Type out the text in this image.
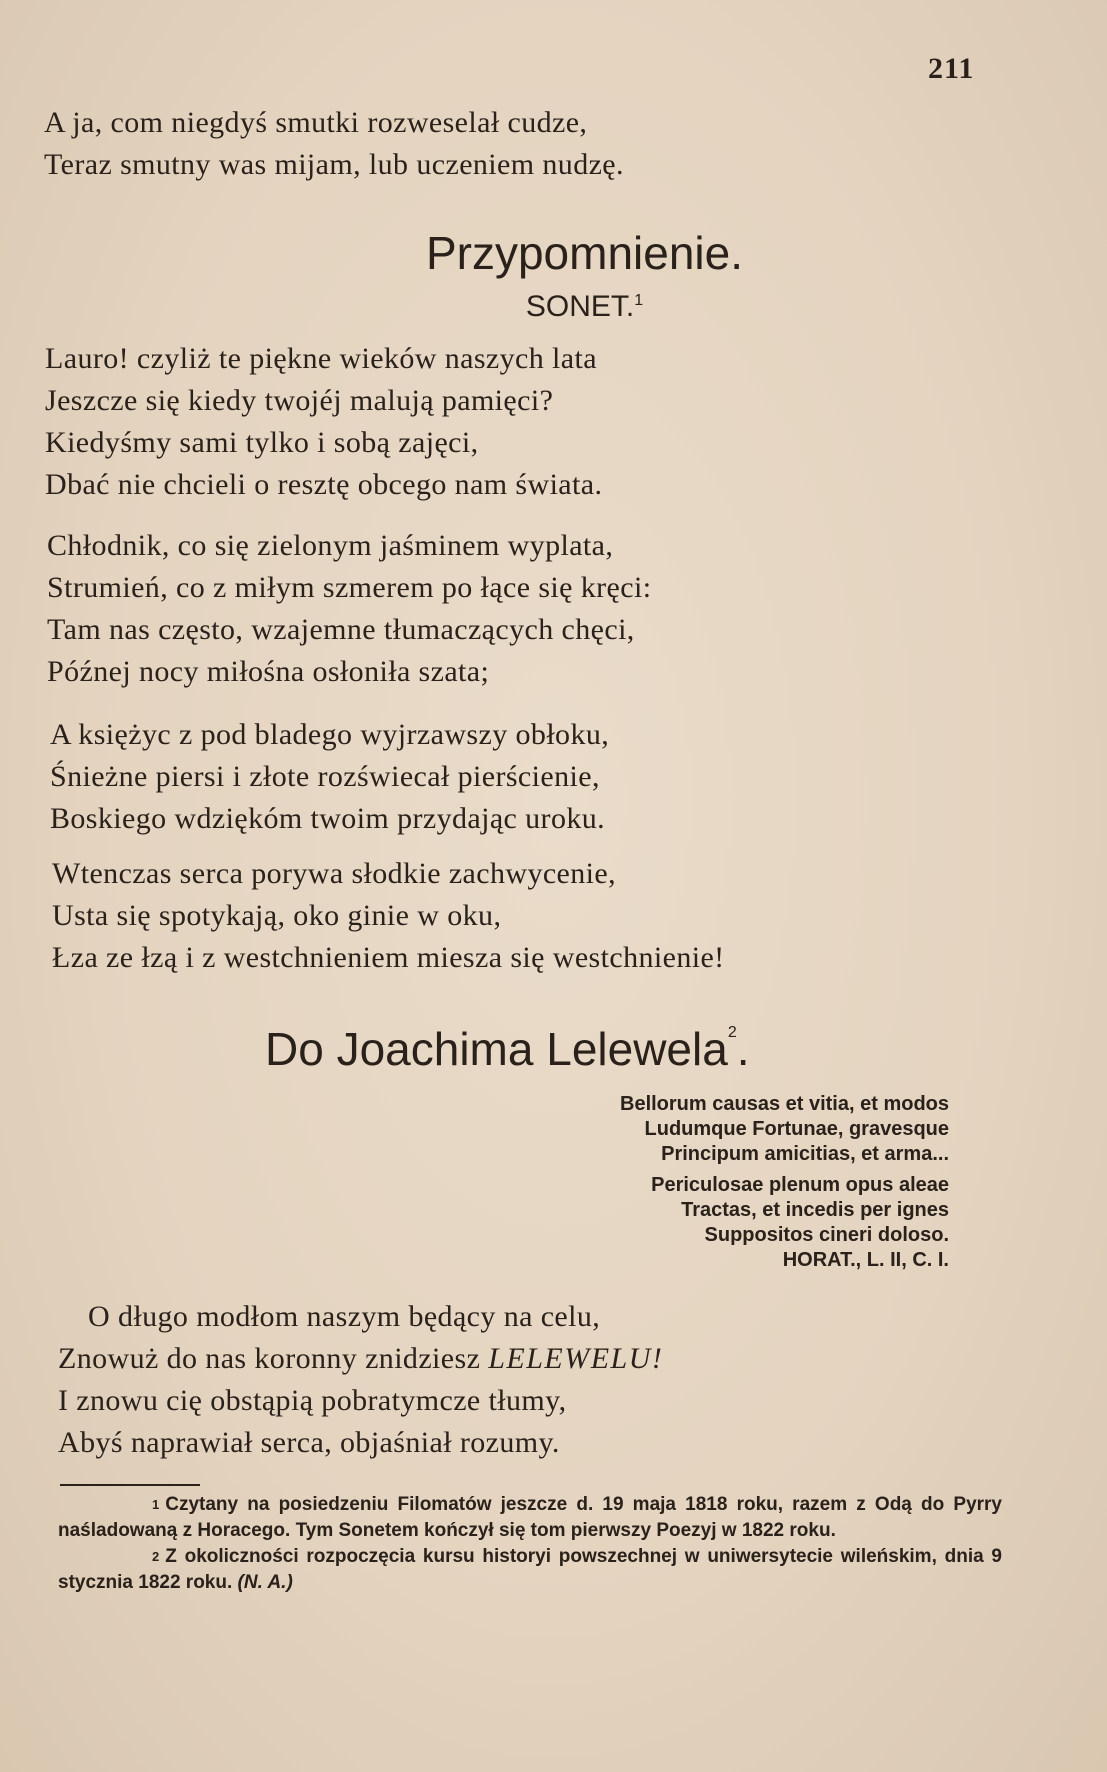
211
A ja, com niegdyś smutki rozweselał cudze,
Teraz smutny was mijam, lub uczeniem nudzę.
Przypomnienie.
SONET.$^1$
Lauro! czyliż te piękne wieków naszych lata
Jeszcze się kiedy twojéj malują pamięci?
Kiedyśmy sami tylko i sobą zajęci,
Dbać nie chcieli o resztę obcego nam świata.
Chłodnik, co się zielonym jaśminem wyplata,
Strumień, co z miłym szmerem po łące się kręci:
Tam nas często, wzajemne tłumaczących chęci,
Późnej nocy miłośna osłoniła szata;
A księżyc z pod bladego wyjrzawszy obłoku,
Śnieżne piersi i złote rozświecał pierścienie,
Boskiego wdziękóm twoim przydając uroku.
Wtenczas serca porywa słodkie zachwycenie,
Usta się spotykają, oko ginie w oku,
Łza ze łzą i z westchnieniem miesza się westchnienie!
Do Joachima Lelewela$^2$.
Bellorum causas et vitia, et modos
Ludumque Fortunae, gravesque
Principum amicitias, et arma...
Periculosae plenum opus aleae
Tractas, et incedis per ignes
Suppositos cineri doloso.
HORAT., L. II, C. I.
O długo modłom naszym będący na celu,
Znowuż do nas koronny znidziesz LELEWELU!
I znowu cię obstąpią pobratymcze tłumy,
Abyś naprawiał serca, objaśniał rozumy.

$^1$ Czytany na posiedzeniu Filomatów jeszcze d. 19 maja 1818 roku, razem z Odą do Pyrry naśladowaną z Horacego. Tym Sonetem kończył się tom pierwszy Poezyj w 1822 roku.

$^2$ Z okoliczności rozpoczęcia kursu historyi powszechnej w uniwersytecie wileńskim, dnia 9 stycznia 1822 roku. (N. A.)
